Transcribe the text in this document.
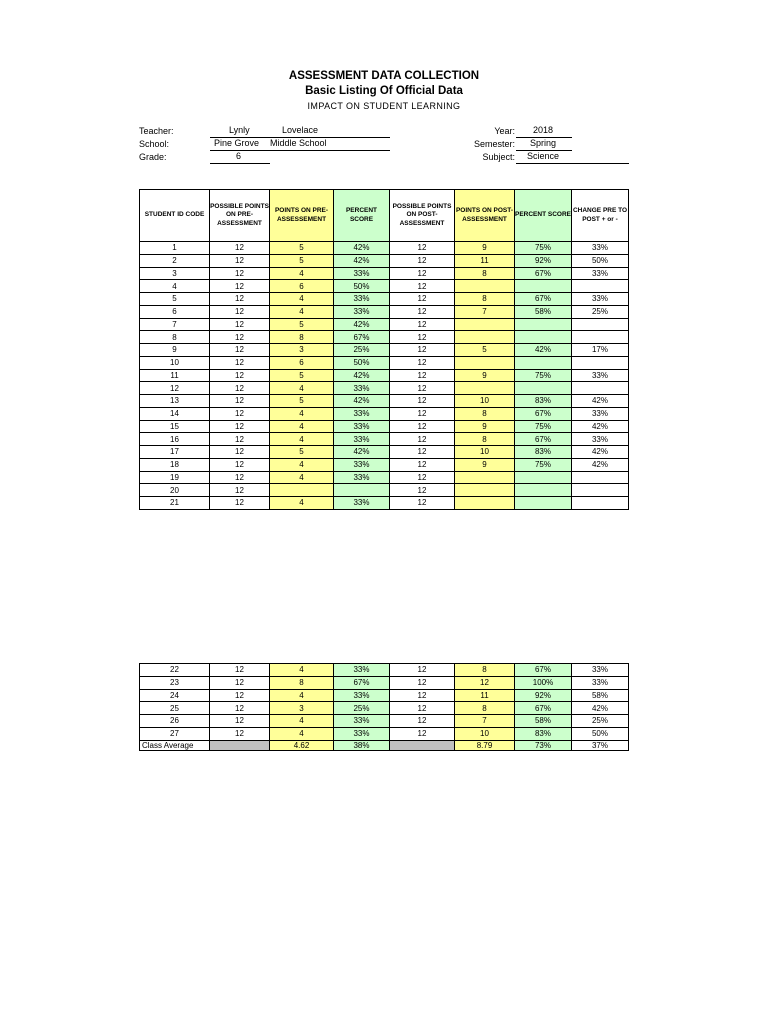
ASSESSMENT DATA COLLECTION
Basic Listing Of Official Data
IMPACT ON STUDENT LEARNING
Teacher:	Lynly	Lovelace
School:	Pine Grove Middle School
Grade:	6
Year: 2018
Semester: Spring
Subject: Science
STUDENT ID CODE	POSSIBLE POINTS ON PRE-ASSESSMENT	POINTS ON PRE-ASSESSEMENT	PERCENT SCORE	POSSIBLE POINTS ON POST-ASSESSMENT	POINTS ON POST-ASSESSMENT	PERCENT SCORE	CHANGE PRE TO POST + or -
1	12	5	42%	12	9	75%	33%
2	12	5	42%	12	11	92%	50%
3	12	4	33%	12	8	67%	33%
4	12	6	50%	12			
5	12	4	33%	12	8	67%	33%
6	12	4	33%	12	7	58%	25%
7	12	5	42%	12			
8	12	8	67%	12			
9	12	3	25%	12	5	42%	17%
10	12	6	50%	12			
11	12	5	42%	12	9	75%	33%
12	12	4	33%	12			
13	12	5	42%	12	10	83%	42%
14	12	4	33%	12	8	67%	33%
15	12	4	33%	12	9	75%	42%
16	12	4	33%	12	8	67%	33%
17	12	5	42%	12	10	83%	42%
18	12	4	33%	12	9	75%	42%
19	12	4	33%	12			
20	12			12			
21	12	4	33%	12			
22	12	4	33%	12	8	67%	33%
23	12	8	67%	12	12	100%	33%
24	12	4	33%	12	11	92%	58%
25	12	3	25%	12	8	67%	42%
26	12	4	33%	12	7	58%	25%
27	12	4	33%	12	10	83%	50%
Class Average		4.62	38%		8.79	73%	37%
